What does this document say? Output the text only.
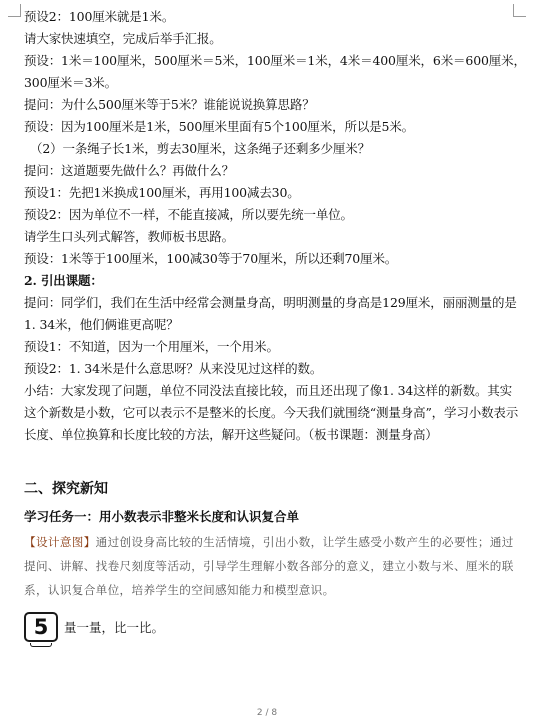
预设2：100厘米就是1米。
请大家快速填空，完成后举手汇报。
预设：1米＝100厘米，500厘米＝5米，100厘米＝1米，4米＝400厘米，6米＝600厘米，
300厘米＝3米。
提问：为什么500厘米等于5米？谁能说说换算思路？
预设：因为100厘米是1米，500厘米里面有5个100厘米，所以是5米。
（2）一条绳子长1米，剪去30厘米，这条绳子还剩多少厘米？
提问：这道题要先做什么？再做什么？
预设1：先把1米换成100厘米，再用100减去30。
预设2：因为单位不一样，不能直接减，所以要先统一单位。
请学生口头列式解答，教师板书思路。
预设：1米等于100厘米，100减30等于70厘米，所以还剩70厘米。
2. 引出课题：
提问：同学们，我们在生活中经常会测量身高，明明测量的身高是129厘米，丽丽测量的是
1. 34米，他们俩谁更高呢？
预设1：不知道，因为一个用厘米，一个用米。
预设2：1. 34米是什么意思呀？从来没见过这样的数。
小结：大家发现了问题，单位不同没法直接比较，而且还出现了像1. 34这样的新数。其实这个新数是小数，它可以表示不是整米的长度。今天我们就围绕“测量身高”，学习小数表示长度、单位换算和长度比较的方法，解开这些疑问。（板书课题：测量身高）
二、探究新知
学习任务一：用小数表示非整米长度和认识复合单
【设计意图】通过创设身高比较的生活情境，引出小数，让学生感受小数产生的必要性；通过提问、讲解、找卷尺刻度等活动，引导学生理解小数各部分的意义，建立小数与米、厘米的联系，认识复合单位，培养学生的空间感知能力和模型意识。
5 量一量，比一比。
2 / 8
